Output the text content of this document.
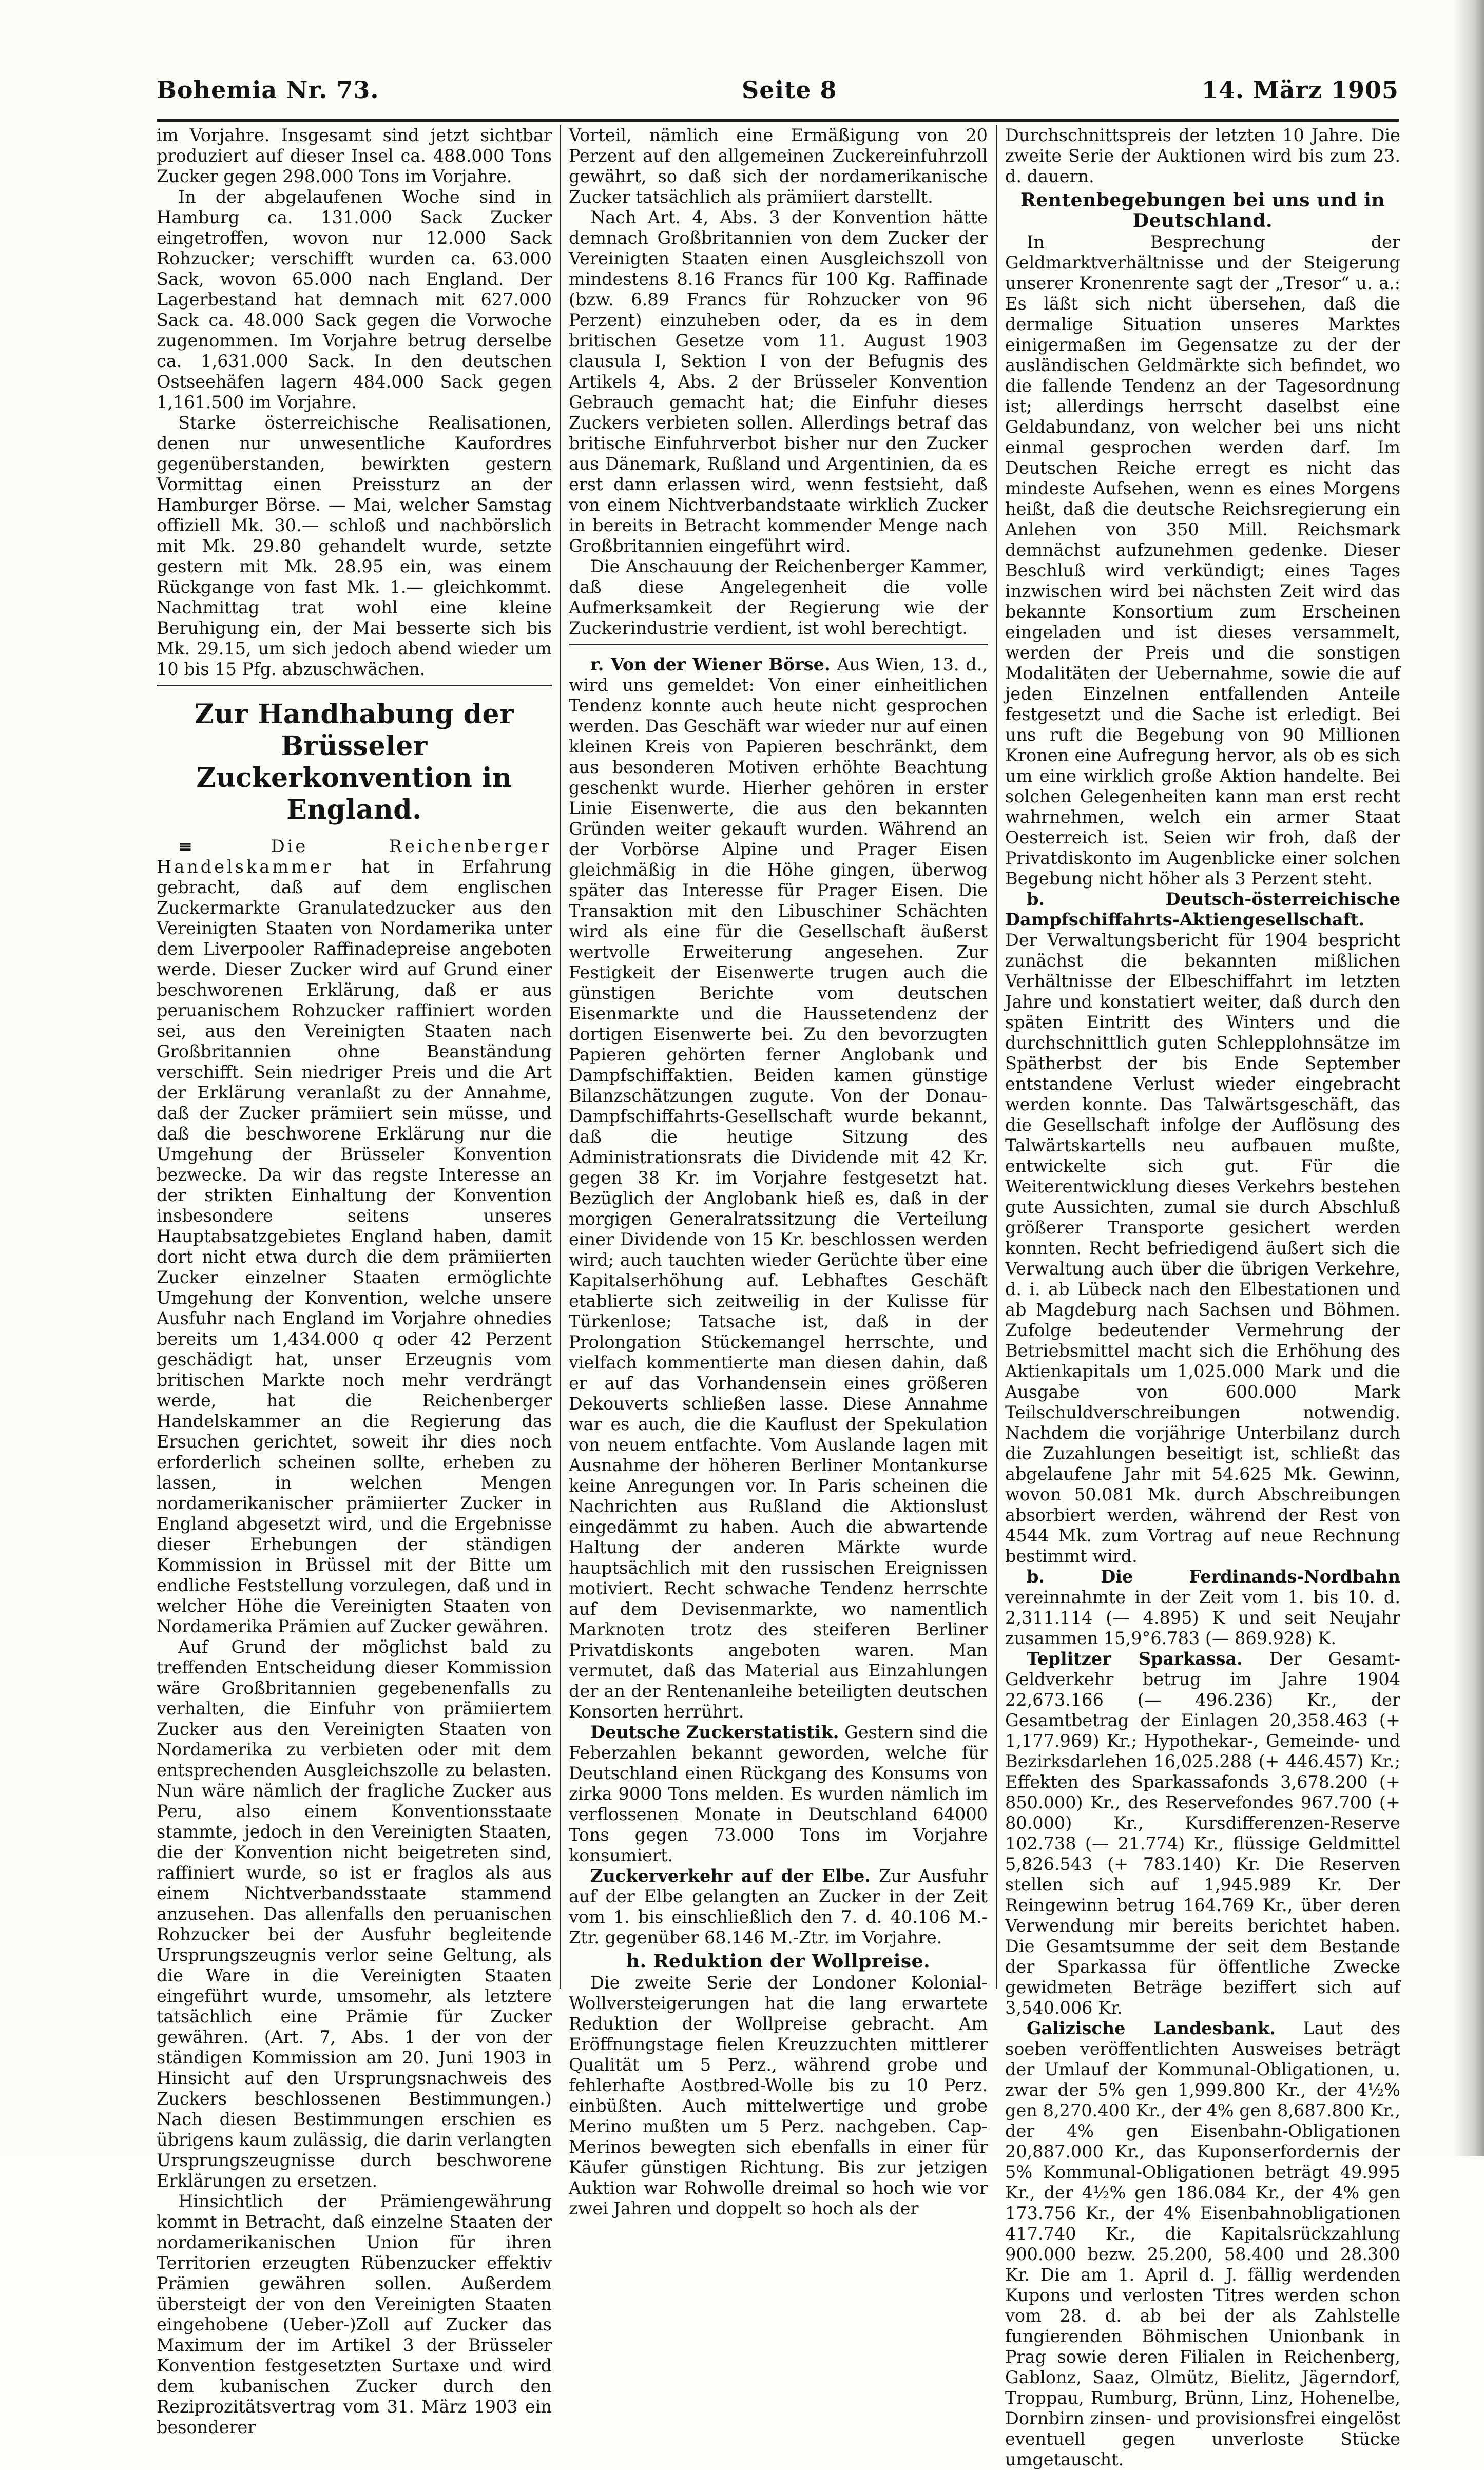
Bohemia Nr. 73.	Seite 8	14. März 1905

im Vorjahre. Insgesamt sind jetzt sichtbar produziert auf dieser Insel ca. 488.000 Tons Zucker gegen 298.000 Tons im Vorjahre.

In der abgelaufenen Woche sind in Hamburg ca. 131.000 Sack Zucker eingetroffen, wovon nur 12.000 Sack Rohzucker; verschifft wurden ca. 63.000 Sack, wovon 65.000 nach England. Der Lagerbestand hat demnach mit 627.000 Sack ca. 48.000 Sack gegen die Vorwoche zugenommen. Im Vorjahre betrug derselbe ca. 1,631.000 Sack. In den deutschen Ostseehäfen lagern 484.000 Sack gegen 1,161.500 im Vorjahre.

Starke österreichische Realisationen, denen nur unwesentliche Kaufordres gegenüberstanden, bewirkten gestern Vormittag einen Preissturz an der Hamburger Börse. — Mai, welcher Samstag offiziell Mk. 30.— schloß und nachbörslich mit Mk. 29.80 gehandelt wurde, setzte gestern mit Mk. 28.95 ein, was einem Rückgange von fast Mk. 1.— gleichkommt. Nachmittag trat wohl eine kleine Beruhigung ein, der Mai besserte sich bis Mk. 29.15, um sich jedoch abend wieder um 10 bis 15 Pfg. abzuschwächen.

Zur Handhabung der Brüsseler Zuckerkonvention in England.

≡	Die Reichenberger Handelskammer hat in Erfahrung gebracht, daß auf dem englischen Zuckermarkte Granulatedzucker aus den Vereinigten Staaten von Nordamerika unter dem Liverpooler Raffinadepreise angeboten werde. Dieser Zucker wird auf Grund einer beschworenen Erklärung, daß er aus peruanischem Rohzucker raffiniert worden sei, aus den Vereinigten Staaten nach Großbritannien ohne Beanständung verschifft. Sein niedriger Preis und die Art der Erklärung veranlaßt zu der Annahme, daß der Zucker prämiiert sein müsse, und daß die beschworene Erklärung nur die Umgehung der Brüsseler Konvention bezwecke. Da wir das regste Interesse an der strikten Einhaltung der Konvention insbesondere seitens unseres Hauptabsatzgebietes England haben, damit dort nicht etwa durch die dem prämiierten Zucker einzelner Staaten ermöglichte Umgehung der Konvention, welche unsere Ausfuhr nach England im Vorjahre ohnedies bereits um 1,434.000 q oder 42 Perzent geschädigt hat, unser Erzeugnis vom britischen Markte noch mehr verdrängt werde, hat die Reichenberger Handelskammer an die Regierung das Ersuchen gerichtet, soweit ihr dies noch erforderlich scheinen sollte, erheben zu lassen, in welchen Mengen nordamerikanischer prämiierter Zucker in England abgesetzt wird, und die Ergebnisse dieser Erhebungen der ständigen Kommission in Brüssel mit der Bitte um endliche Feststellung vorzulegen, daß und in welcher Höhe die Vereinigten Staaten von Nordamerika Prämien auf Zucker gewähren.

Auf Grund der möglichst bald zu treffenden Entscheidung dieser Kommission wäre Großbritannien gegebenenfalls zu verhalten, die Einfuhr von prämiiertem Zucker aus den Vereinigten Staaten von Nordamerika zu verbieten oder mit dem entsprechenden Ausgleichszolle zu belasten. Nun wäre nämlich der fragliche Zucker aus Peru, also einem Konventionsstaate stammte, jedoch in den Vereinigten Staaten, die der Konvention nicht beigetreten sind, raffiniert wurde, so ist er fraglos als aus einem Nichtverbandsstaate stammend anzusehen. Das allenfalls den peruanischen Rohzucker bei der Ausfuhr begleitende Ursprungszeugnis verlor seine Geltung, als die Ware in die Vereinigten Staaten eingeführt wurde, umsomehr, als letztere tatsächlich eine Prämie für Zucker gewähren. (Art. 7, Abs. 1 der von der ständigen Kommission am 20. Juni 1903 in Hinsicht auf den Ursprungsnachweis des Zuckers beschlossenen Bestimmungen.) Nach diesen Bestimmungen erschien es übrigens kaum zulässig, die darin verlangten Ursprungszeugnisse durch beschworene Erklärungen zu ersetzen.

Hinsichtlich der Prämiengewährung kommt in Betracht, daß einzelne Staaten der nordamerikanischen Union für ihren Territorien erzeugten Rübenzucker effektiv Prämien gewähren sollen. Außerdem übersteigt der von den Vereinigten Staaten eingehobene (Ueber-)Zoll auf Zucker das Maximum der im Artikel 3 der Brüsseler Konvention festgesetzten Surtaxe und wird dem kubanischen Zucker durch den Reziprozitätsvertrag vom 31. März 1903 ein besonderer

Vorteil, nämlich eine Ermäßigung von 20 Perzent auf den allgemeinen Zuckereinfuhrzoll gewährt, so daß sich der nordamerikanische Zucker tatsächlich als prämiiert darstellt.

Nach Art. 4, Abs. 3 der Konvention hätte demnach Großbritannien von dem Zucker der Vereinigten Staaten einen Ausgleichszoll von mindestens 8.16 Francs für 100 Kg. Raffinade (bzw. 6.89 Francs für Rohzucker von 96 Perzent) einzuheben oder, da es in dem britischen Gesetze vom 11. August 1903 clausula I, Sektion I von der Befugnis des Artikels 4, Abs. 2 der Brüsseler Konvention Gebrauch gemacht hat; die Einfuhr dieses Zuckers verbieten sollen. Allerdings betraf das britische Einfuhrverbot bisher nur den Zucker aus Dänemark, Rußland und Argentinien, da es erst dann erlassen wird, wenn festsieht, daß von einem Nichtverbandstaate wirklich Zucker in bereits in Betracht kommender Menge nach Großbritannien eingeführt wird.

Die Anschauung der Reichenberger Kammer, daß diese Angelegenheit die volle Aufmerksamkeit der Regierung wie der Zuckerindustrie verdient, ist wohl berechtigt.

r. Von der Wiener Börse. Aus Wien, 13. d., wird uns gemeldet: Von einer einheitlichen Tendenz konnte auch heute nicht gesprochen werden. Das Geschäft war wieder nur auf einen kleinen Kreis von Papieren beschränkt, dem aus besonderen Motiven erhöhte Beachtung geschenkt wurde. Hierher gehören in erster Linie Eisenwerte, die aus den bekannten Gründen weiter gekauft wurden. Während an der Vorbörse Alpine und Prager Eisen gleichmäßig in die Höhe gingen, überwog später das Interesse für Prager Eisen. Die Transaktion mit den Libuschiner Schächten wird als eine für die Gesellschaft äußerst wertvolle Erweiterung angesehen. Zur Festigkeit der Eisenwerte trugen auch die günstigen Berichte vom deutschen Eisenmarkte und die Haussetendenz der dortigen Eisenwerte bei. Zu den bevorzugten Papieren gehörten ferner Anglobank und Dampfschiffaktien. Beiden kamen günstige Bilanzschätzungen zugute. Von der Donau-Dampfschiffahrts-Gesellschaft wurde bekannt, daß die heutige Sitzung des Administrationsrats die Dividende mit 42 Kr. gegen 38 Kr. im Vorjahre festgesetzt hat. Bezüglich der Anglobank hieß es, daß in der morgigen Generalratssitzung die Verteilung einer Dividende von 15 Kr. beschlossen werden wird; auch tauchten wieder Gerüchte über eine Kapitalserhöhung auf. Lebhaftes Geschäft etablierte sich zeitweilig in der Kulisse für Türkenlose; Tatsache ist, daß in der Prolongation Stückemangel herrschte, und vielfach kommentierte man diesen dahin, daß er auf das Vorhandensein eines größeren Dekouverts schließen lasse. Diese Annahme war es auch, die die Kauflust der Spekulation von neuem entfachte. Vom Auslande lagen mit Ausnahme der höheren Berliner Montankurse keine Anregungen vor. In Paris scheinen die Nachrichten aus Rußland die Aktionslust eingedämmt zu haben. Auch die abwartende Haltung der anderen Märkte wurde hauptsächlich mit den russischen Ereignissen motiviert. Recht schwache Tendenz herrschte auf dem Devisenmarkte, wo namentlich Marknoten trotz des steiferen Berliner Privatdiskonts angeboten waren. Man vermutet, daß das Material aus Einzahlungen der an der Rentenanleihe beteiligten deutschen Konsorten herrührt.

Deutsche Zuckerstatistik. Gestern sind die Feberzahlen bekannt geworden, welche für Deutschland einen Rückgang des Konsums von zirka 9000 Tons melden. Es wurden nämlich im verflossenen Monate in Deutschland 64000 Tons gegen 73.000 Tons im Vorjahre konsumiert.

Zuckerverkehr auf der Elbe. Zur Ausfuhr auf der Elbe gelangten an Zucker in der Zeit vom 1. bis einschließlich den 7. d. 40.106 M.-Ztr. gegenüber 68.146 M.-Ztr. im Vorjahre.

h. Reduktion der Wollpreise.

Die zweite Serie der Londoner Kolonial-Wollversteigerungen hat die lang erwartete Reduktion der Wollpreise gebracht. Am Eröffnungstage fielen Kreuzzuchten mittlerer Qualität um 5 Perz., während grobe und fehlerhafte Aostbred-Wolle bis zu 10 Perz. einbüßten. Auch mittelwertige und grobe Merino mußten um 5 Perz. nachgeben. Cap-Merinos bewegten sich ebenfalls in einer für Käufer günstigen Richtung. Bis zur jetzigen Auktion war Rohwolle dreimal so hoch wie vor zwei Jahren und doppelt so hoch als der

Durchschnittspreis der letzten 10 Jahre. Die zweite Serie der Auktionen wird bis zum 23. d. dauern.

Rentenbegebungen bei uns und in Deutschland.

In Besprechung der Geldmarktverhältnisse und der Steigerung unserer Kronenrente sagt der „Tresor“ u. a.: Es läßt sich nicht übersehen, daß die dermalige Situation unseres Marktes einigermaßen im Gegensatze zu der der ausländischen Geldmärkte sich befindet, wo die fallende Tendenz an der Tagesordnung ist; allerdings herrscht daselbst eine Geldabundanz, von welcher bei uns nicht einmal gesprochen werden darf. Im Deutschen Reiche erregt es nicht das mindeste Aufsehen, wenn es eines Morgens heißt, daß die deutsche Reichsregierung ein Anlehen von 350 Mill. Reichsmark demnächst aufzunehmen gedenke. Dieser Beschluß wird verkündigt; eines Tages inzwischen wird bei nächsten Zeit wird das bekannte Konsortium zum Erscheinen eingeladen und ist dieses versammelt, werden der Preis und die sonstigen Modalitäten der Uebernahme, sowie die auf jeden Einzelnen entfallenden Anteile festgesetzt und die Sache ist erledigt. Bei uns ruft die Begebung von 90 Millionen Kronen eine Aufregung hervor, als ob es sich um eine wirklich große Aktion handelte. Bei solchen Gelegenheiten kann man erst recht wahrnehmen, welch ein armer Staat Oesterreich ist. Seien wir froh, daß der Privatdiskonto im Augenblicke einer solchen Begebung nicht höher als 3 Perzent steht.

b. Deutsch-österreichische Dampfschiffahrts-Aktiengesellschaft. Der Verwaltungsbericht für 1904 bespricht zunächst die bekannten mißlichen Verhältnisse der Elbeschiffahrt im letzten Jahre und konstatiert weiter, daß durch den späten Eintritt des Winters und die durchschnittlich guten Schlepplohnsätze im Spätherbst der bis Ende September entstandene Verlust wieder eingebracht werden konnte. Das Talwärtsgeschäft, das die Gesellschaft infolge der Auflösung des Talwärtskartells neu aufbauen mußte, entwickelte sich gut. Für die Weiterentwicklung dieses Verkehrs bestehen gute Aussichten, zumal sie durch Abschluß größerer Transporte gesichert werden konnten. Recht befriedigend äußert sich die Verwaltung auch über die übrigen Verkehre, d. i. ab Lübeck nach den Elbestationen und ab Magdeburg nach Sachsen und Böhmen. Zufolge bedeutender Vermehrung der Betriebsmittel macht sich die Erhöhung des Aktienkapitals um 1,025.000 Mark und die Ausgabe von 600.000 Mark Teilschuldverschreibungen notwendig. Nachdem die vorjährige Unterbilanz durch die Zuzahlungen beseitigt ist, schließt das abgelaufene Jahr mit 54.625 Mk. Gewinn, wovon 50.081 Mk. durch Abschreibungen absorbiert werden, während der Rest von 4544 Mk. zum Vortrag auf neue Rechnung bestimmt wird.

b. Die Ferdinands-Nordbahn vereinnahmte in der Zeit vom 1. bis 10. d. 2,311.114 (— 4.895) K und seit Neujahr zusammen 15,9°6.783 (— 869.928) K.

Teplitzer Sparkassa. Der Gesamt-Geldverkehr betrug im Jahre 1904 22,673.166 (— 496.236) Kr., der Gesamtbetrag der Einlagen 20,358.463 (+ 1,177.969) Kr.; Hypothekar-, Gemeinde- und Bezirksdarlehen 16,025.288 (+ 446.457) Kr.; Effekten des Sparkassafonds 3,678.200 (+ 850.000) Kr., des Reservefondes 967.700 (+ 80.000) Kr., Kursdifferenzen-Reserve 102.738 (— 21.774) Kr., flüssige Geldmittel 5,826.543 (+ 783.140) Kr. Die Reserven stellen sich auf 1,945.989 Kr. Der Reingewinn betrug 164.769 Kr., über deren Verwendung mir bereits berichtet haben. Die Gesamtsumme der seit dem Bestande der Sparkassa für öffentliche Zwecke gewidmeten Beträge beziffert sich auf 3,540.006 Kr.

Galizische Landesbank. Laut des soeben veröffentlichten Ausweises beträgt der Umlauf der Kommunal-Obligationen, u. zwar der 5% gen 1,999.800 Kr., der 4½% gen 8,270.400 Kr., der 4% gen 8,687.800 Kr., der 4% gen Eisenbahn-Obligationen 20,887.000 Kr., das Kuponserfordernis der 5% Kommunal-Obligationen beträgt 49.995 Kr., der 4½% gen 186.084 Kr., der 4% gen 173.756 Kr., der 4% Eisenbahnobligationen 417.740 Kr., die Kapitalsrückzahlung 900.000 bezw. 25.200, 58.400 und 28.300 Kr. Die am 1. April d. J. fällig werdenden Kupons und verlosten Titres werden schon vom 28. d. ab bei der als Zahlstelle fungierenden Böhmischen Unionbank in Prag sowie deren Filialen in Reichenberg, Gablonz, Saaz, Olmütz, Bielitz, Jägerndorf, Troppau, Rumburg, Brünn, Linz, Hohenelbe, Dornbirn zinsen- und provisionsfrei eingelöst eventuell gegen unverloste Stücke umgetauscht.
